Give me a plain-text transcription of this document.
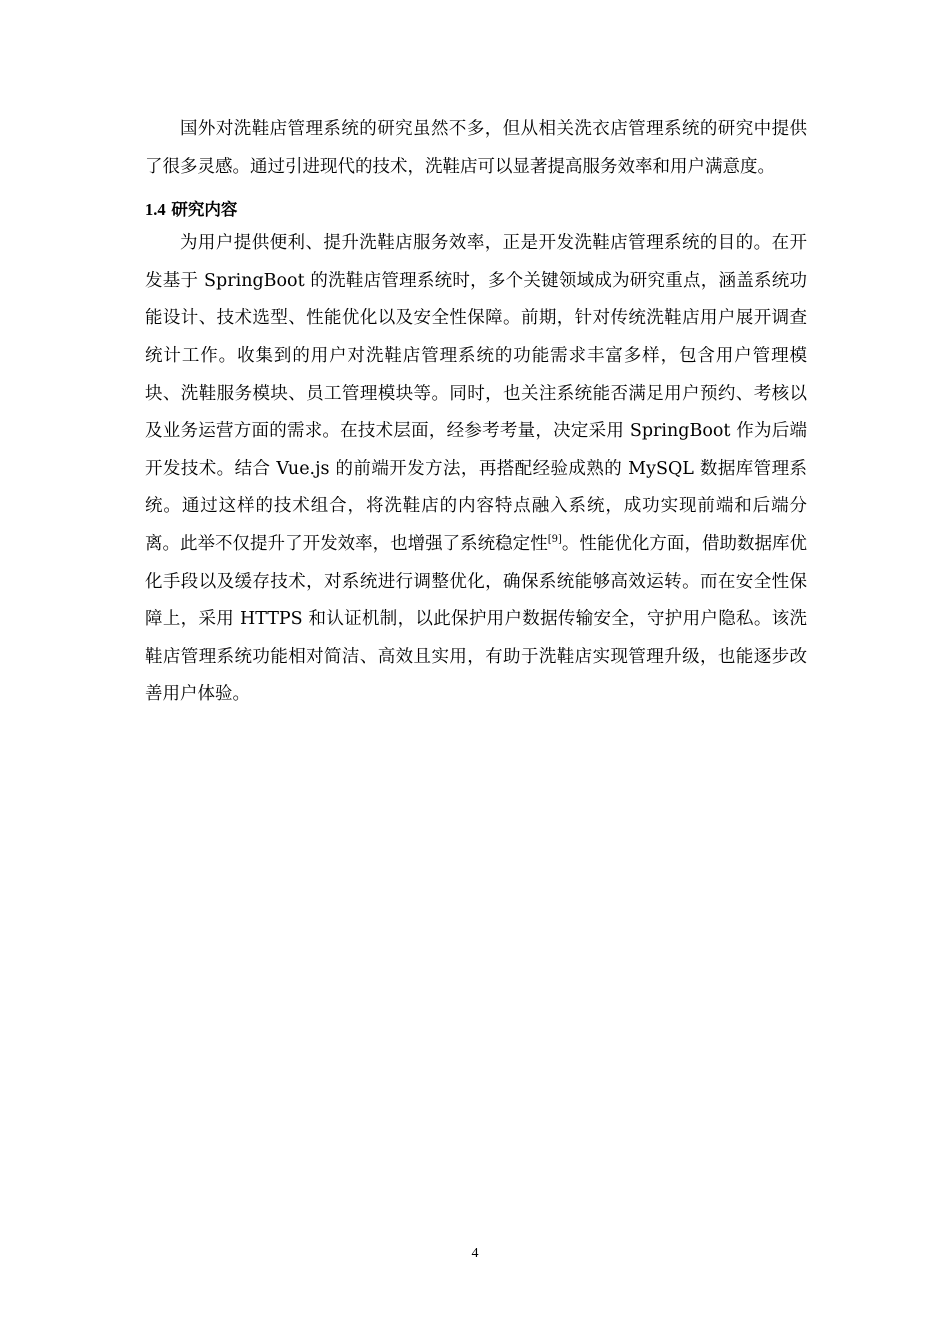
国外对洗鞋店管理系统的研究虽然不多，但从相关洗衣店管理系统的研究中提供了很多灵感。通过引进现代的技术，洗鞋店可以显著提高服务效率和用户满意度。

1.4 研究内容

为用户提供便利、提升洗鞋店服务效率，正是开发洗鞋店管理系统的目的。在开发基于 SpringBoot 的洗鞋店管理系统时，多个关键领域成为研究重点，涵盖系统功能设计、技术选型、性能优化以及安全性保障。前期，针对传统洗鞋店用户展开调查统计工作。收集到的用户对洗鞋店管理系统的功能需求丰富多样，包含用户管理模块、洗鞋服务模块、员工管理模块等。同时，也关注系统能否满足用户预约、考核以及业务运营方面的需求。在技术层面，经参考考量，决定采用 SpringBoot 作为后端开发技术。结合 Vue.js 的前端开发方法，再搭配经验成熟的 MySQL 数据库管理系统。通过这样的技术组合，将洗鞋店的内容特点融入系统，成功实现前端和后端分离。此举不仅提升了开发效率，也增强了系统稳定性[9]。性能优化方面，借助数据库优化手段以及缓存技术，对系统进行调整优化，确保系统能够高效运转。而在安全性保障上，采用 HTTPS 和认证机制，以此保护用户数据传输安全，守护用户隐私。该洗鞋店管理系统功能相对简洁、高效且实用，有助于洗鞋店实现管理升级，也能逐步改善用户体验。

4
